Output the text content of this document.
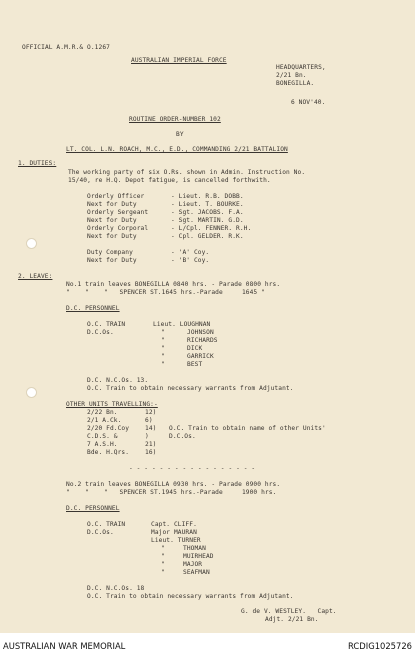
OFFICIAL A.M.R.& O.1267
AUSTRALIAN IMPERIAL FORCE
HEADQUARTERS,
2/21 Bn.
BONEGILLA.
6 NOV'40.
ROUTINE ORDER-NUMBER 102
BY
LT. COL. L.N. ROACH, M.C., E.D., COMMANDING 2/21 BATTALION
1. DUTIES:
The working party of six O.Rs. shown in Admin. Instruction No.
15/40, re H.Q. Depot fatigue, is cancelled forthwith.
Orderly Officer	- Lieut. R.B. DOBB.
Next for Duty	- Lieut. T. BOURKE.
Orderly Sergeant	- Sgt. JACOBS. F.A.
Next for Duty	- Sgt. MARTIN. G.D.
Orderly Corporal	- L/Cpl. FENNER. R.H.
Next for Duty	- Cpl. GELDER. R.K.
Duty Company	- 'A' Coy.
Next for Duty	- 'B' Coy.
2. LEAVE:
No.1 train leaves BONEGILLA 0840 hrs. - Parade 0800 hrs.
"    "    "   SPENCER ST.1645 hrs.-Parade     1645 "
D.C. PERSONNEL
O.C. TRAIN	Lieut. LOUGHNAN
D.C.Os.	"	JOHNSON
"	RICHARDS
"	DICK
"	GARRICK
"	BEST
D.C. N.C.Os. 13.
O.C. Train to obtain necessary warrants from Adjutant.
OTHER UNITS TRAVELLING:-
2/22 Bn.	12)
2/1 A.Ck.	6)
2/20 Fd.Coy	14)
C.D.S. &	)
7 A.S.H.	21)
Bde. H.Qrs.	16)
O.C. Train to obtain name of other Units'
D.C.Os.
- - - - - - - - - - - - - - - - -
No.2 train leaves BONEGILLA 0930 hrs. - Parade 0900 hrs.
"    "    "   SPENCER ST.1945 hrs.-Parade     1900 hrs.
D.C. PERSONNEL
O.C. TRAIN	Capt. CLIFF.
D.C.Os.	Major MAURAN
Lieut. TURNER
"	THOMAN
"	MUIRHEAD
"	MAJOR
"	SEAFMAN
D.C. N.C.Os. 18
O.C. Train to obtain necessary warrants from Adjutant.
G. de V. WESTLEY.   Capt.
Adjt. 2/21 Bn.
AUSTRALIAN WAR MEMORIAL	RCDIG1025726
